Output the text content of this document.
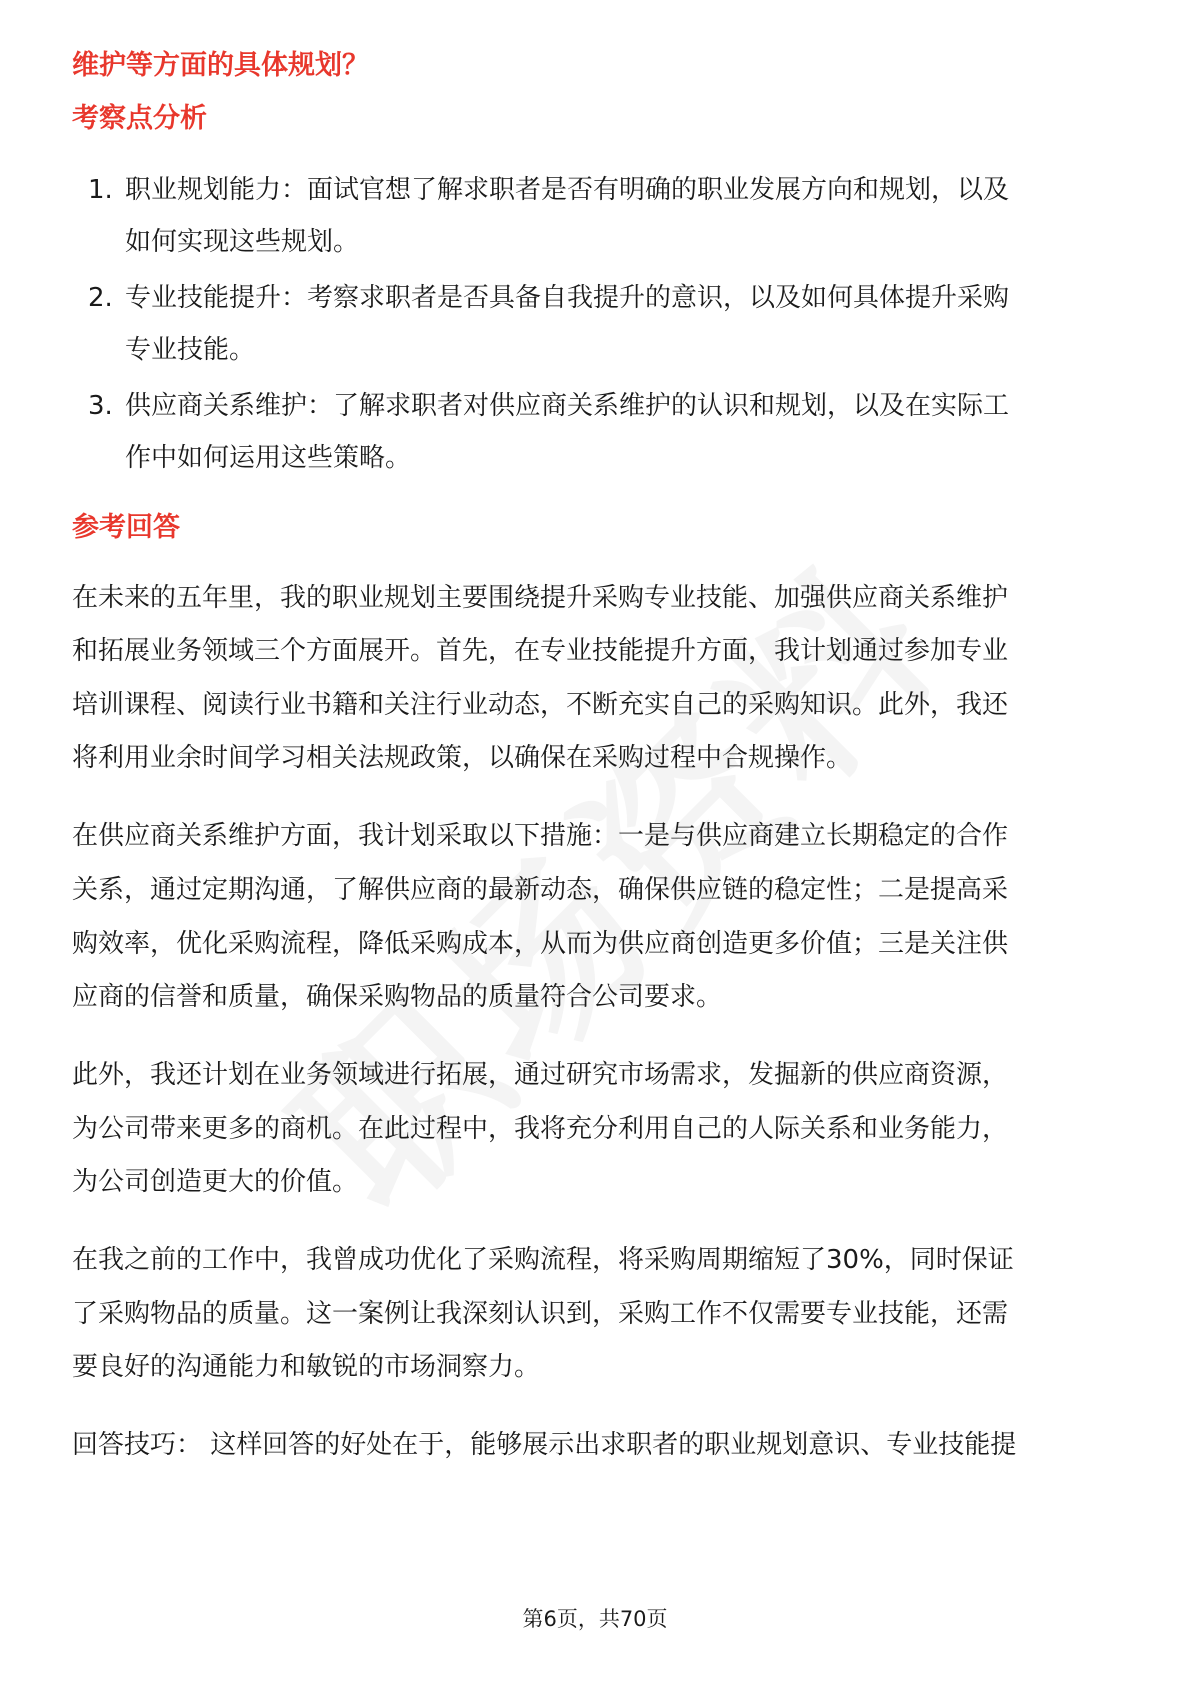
维护等方面的具体规划？
考察点分析
1. 职业规划能力：面试官想了解求职者是否有明确的职业发展方向和规划，以及
如何实现这些规划。
2. 专业技能提升：考察求职者是否具备自我提升的意识，以及如何具体提升采购
专业技能。
3. 供应商关系维护：了解求职者对供应商关系维护的认识和规划，以及在实际工
作中如何运用这些策略。
参考回答
在未来的五年里，我的职业规划主要围绕提升采购专业技能、加强供应商关系维护
和拓展业务领域三个方面展开。首先，在专业技能提升方面，我计划通过参加专业
培训课程、阅读行业书籍和关注行业动态，不断充实自己的采购知识。此外，我还
将利用业余时间学习相关法规政策，以确保在采购过程中合规操作。
在供应商关系维护方面，我计划采取以下措施：一是与供应商建立长期稳定的合作
关系，通过定期沟通，了解供应商的最新动态，确保供应链的稳定性；二是提高采
购效率，优化采购流程，降低采购成本，从而为供应商创造更多价值；三是关注供
应商的信誉和质量，确保采购物品的质量符合公司要求。
此外，我还计划在业务领域进行拓展，通过研究市场需求，发掘新的供应商资源，
为公司带来更多的商机。在此过程中，我将充分利用自己的人际关系和业务能力，
为公司创造更大的价值。
在我之前的工作中，我曾成功优化了采购流程，将采购周期缩短了30%，同时保证
了采购物品的质量。这一案例让我深刻认识到，采购工作不仅需要专业技能，还需
要良好的沟通能力和敏锐的市场洞察力。
回答技巧： 这样回答的好处在于，能够展示出求职者的职业规划意识、专业技能提
第6页，共70页
